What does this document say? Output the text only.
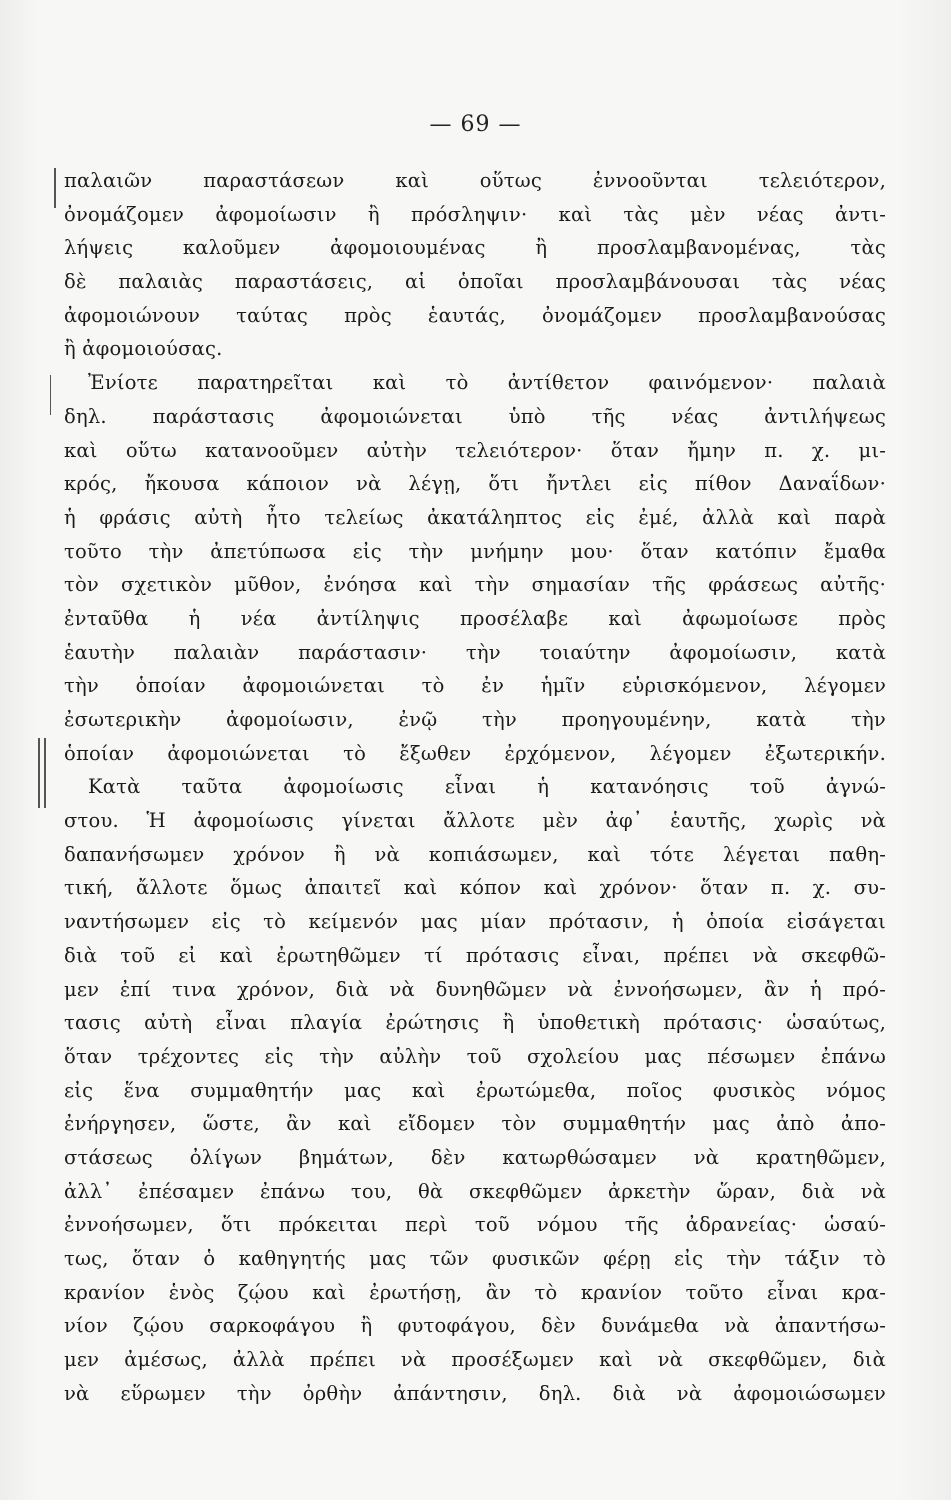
— 69 —
παλαιῶν παραστάσεων καὶ οὕτως ἐννοοῦνται τελειότερον,
ὀνομάζομεν ἀφομοίωσιν ἢ πρόσληψιν· καὶ τὰς μὲν νέας ἀντι-
λήψεις καλοῦμεν ἀφομοιουμένας ἢ προσλαμβανομένας, τὰς
δὲ παλαιὰς παραστάσεις, αἱ ὁποῖαι προσλαμβάνουσαι τὰς νέας
ἀφομοιώνουν ταύτας πρὸς ἑαυτάς, ὀνομάζομεν προσλαμβανούσας
ἢ ἀφομοιούσας.
Ἐνίοτε παρατηρεῖται καὶ τὸ ἀντίθετον φαινόμενον· παλαιὰ
δηλ. παράστασις ἀφομοιώνεται ὑπὸ τῆς νέας ἀντιλήψεως
καὶ οὕτω κατανοοῦμεν αὐτὴν τελειότερον· ὅταν ἤμην π. χ. μι-
κρός, ἤκουσα κάποιον νὰ λέγῃ, ὅτι ἤντλει εἰς πίθον Δαναΐδων·
ἡ φράσις αὐτὴ ἦτο τελείως ἀκατάληπτος εἰς ἐμέ, ἀλλὰ καὶ παρὰ
τοῦτο τὴν ἀπετύπωσα εἰς τὴν μνήμην μου· ὅταν κατόπιν ἔμαθα
τὸν σχετικὸν μῦθον, ἐνόησα καὶ τὴν σημασίαν τῆς φράσεως αὐτῆς·
ἐνταῦθα ἡ νέα ἀντίληψις προσέλαβε καὶ ἀφωμοίωσε πρὸς
ἑαυτὴν παλαιὰν παράστασιν· τὴν τοιαύτην ἀφομοίωσιν, κατὰ
τὴν ὁποίαν ἀφομοιώνεται τὸ ἐν ἡμῖν εὑρισκόμενον, λέγομεν
ἐσωτερικὴν ἀφομοίωσιν, ἐνῷ τὴν προηγουμένην, κατὰ τὴν
ὁποίαν ἀφομοιώνεται τὸ ἔξωθεν ἐρχόμενον, λέγομεν ἐξωτερικήν.
Κατὰ ταῦτα ἀφομοίωσις εἶναι ἡ κατανόησις τοῦ ἀγνώ-
στου. Ἡ ἀφομοίωσις γίνεται ἄλλοτε μὲν ἀφ᾽ ἑαυτῆς, χωρὶς νὰ
δαπανήσωμεν χρόνον ἢ νὰ κοπιάσωμεν, καὶ τότε λέγεται παθη-
τική, ἄλλοτε ὅμως ἀπαιτεῖ καὶ κόπον καὶ χρόνον· ὅταν π. χ. συ-
ναντήσωμεν εἰς τὸ κείμενόν μας μίαν πρότασιν, ἡ ὁποία εἰσάγεται
διὰ τοῦ εἰ καὶ ἐρωτηθῶμεν τί πρότασις εἶναι, πρέπει νὰ σκεφθῶ-
μεν ἐπί τινα χρόνον, διὰ νὰ δυνηθῶμεν νὰ ἐννοήσωμεν, ἂν ἡ πρό-
τασις αὐτὴ εἶναι πλαγία ἐρώτησις ἢ ὑποθετικὴ πρότασις· ὡσαύτως,
ὅταν τρέχοντες εἰς τὴν αὐλὴν τοῦ σχολείου μας πέσωμεν ἐπάνω
εἰς ἕνα συμμαθητήν μας καὶ ἐρωτώμεθα, ποῖος φυσικὸς νόμος
ἐνήργησεν, ὥστε, ἂν καὶ εἴδομεν τὸν συμμαθητήν μας ἀπὸ ἀπο-
στάσεως ὀλίγων βημάτων, δὲν κατωρθώσαμεν νὰ κρατηθῶμεν,
ἀλλ᾽ ἐπέσαμεν ἐπάνω του, θὰ σκεφθῶμεν ἀρκετὴν ὥραν, διὰ νὰ
ἐννοήσωμεν, ὅτι πρόκειται περὶ τοῦ νόμου τῆς ἀδρανείας· ὡσαύ-
τως, ὅταν ὁ καθηγητής μας τῶν φυσικῶν φέρῃ εἰς τὴν τάξιν τὸ
κρανίον ἑνὸς ζῴου καὶ ἐρωτήσῃ, ἂν τὸ κρανίον τοῦτο εἶναι κρα-
νίον ζῴου σαρκοφάγου ἢ φυτοφάγου, δὲν δυνάμεθα νὰ ἀπαντήσω-
μεν ἀμέσως, ἀλλὰ πρέπει νὰ προσέξωμεν καὶ νὰ σκεφθῶμεν, διὰ
νὰ εὕρωμεν τὴν ὀρθὴν ἀπάντησιν, δηλ. διὰ νὰ ἀφομοιώσωμεν
